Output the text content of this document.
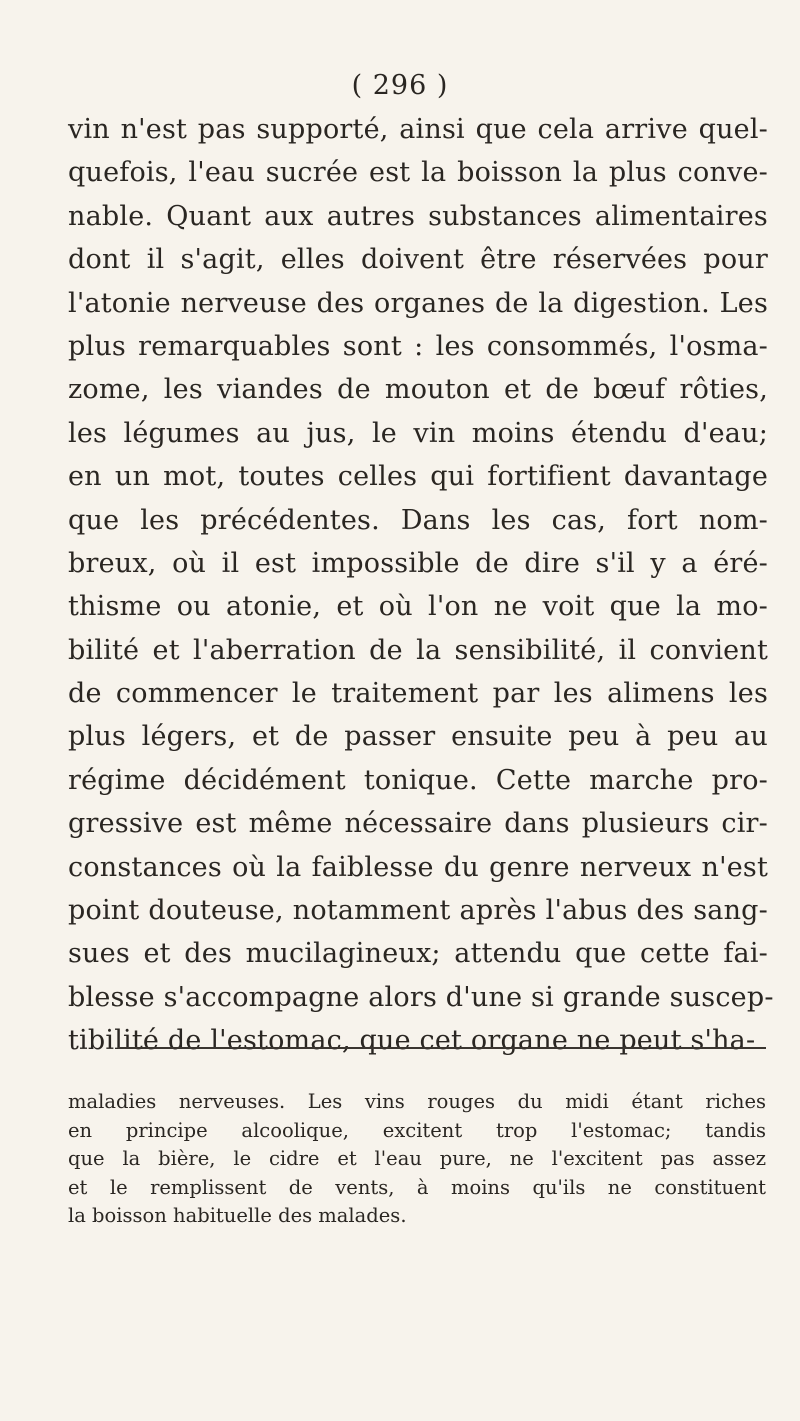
( 296 )
vin n'est pas supporté, ainsi que cela arrive quel-
quefois, l'eau sucrée est la boisson la plus conve-
nable. Quant aux autres substances alimentaires
dont il s'agit, elles doivent être réservées pour
l'atonie nerveuse des organes de la digestion. Les
plus remarquables sont : les consommés, l'osma-
zome, les viandes de mouton et de bœuf rôties,
les légumes au jus, le vin moins étendu d'eau;
en un mot, toutes celles qui fortifient davantage
que les précédentes. Dans les cas, fort nom-
breux, où il est impossible de dire s'il y a éré-
thisme ou atonie, et où l'on ne voit que la mo-
bilité et l'aberration de la sensibilité, il convient
de commencer le traitement par les alimens les
plus légers, et de passer ensuite peu à peu au
régime décidément tonique. Cette marche pro-
gressive est même nécessaire dans plusieurs cir-
constances où la faiblesse du genre nerveux n'est
point douteuse, notamment après l'abus des sang-
sues et des mucilagineux; attendu que cette fai-
blesse s'accompagne alors d'une si grande suscep-
tibilité de l'estomac, que cet organe ne peut s'ha-
maladies nerveuses. Les vins rouges du midi étant riches
en principe alcoolique, excitent trop l'estomac; tandis
que la bière, le cidre et l'eau pure, ne l'excitent pas assez
et le remplissent de vents, à moins qu'ils ne constituent
la boisson habituelle des malades.
